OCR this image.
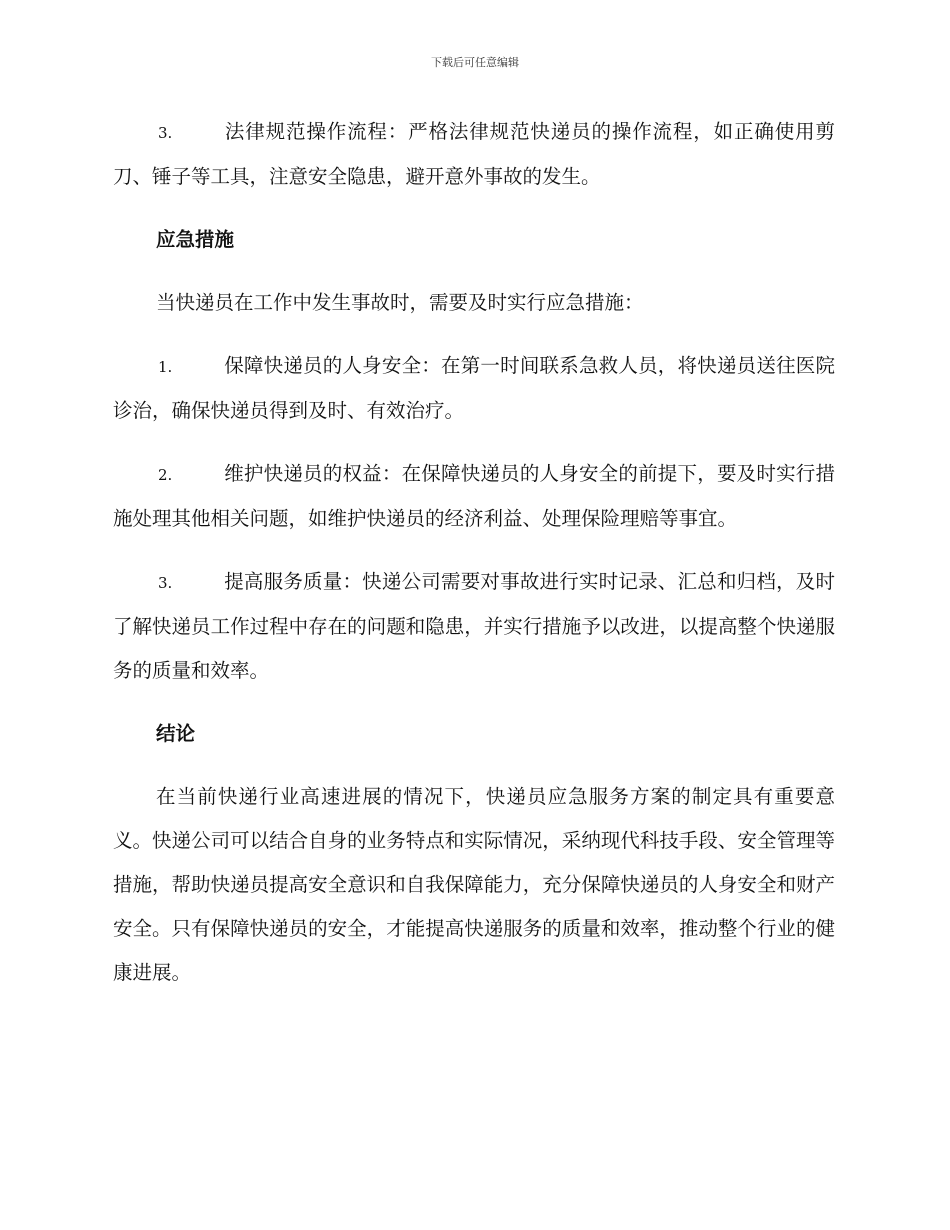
下载后可任意编辑

3.	法律规范操作流程：严格法律规范快递员的操作流程，如正确使用剪刀、锤子等工具，注意安全隐患，避开意外事故的发生。

应急措施

当快递员在工作中发生事故时，需要及时实行应急措施：

1.	保障快递员的人身安全：在第一时间联系急救人员，将快递员送往医院诊治，确保快递员得到及时、有效治疗。

2.	维护快递员的权益：在保障快递员的人身安全的前提下，要及时实行措施处理其他相关问题，如维护快递员的经济利益、处理保险理赔等事宜。

3.	提高服务质量：快递公司需要对事故进行实时记录、汇总和归档，及时了解快递员工作过程中存在的问题和隐患，并实行措施予以改进，以提高整个快递服务的质量和效率。

结论

在当前快递行业高速进展的情况下，快递员应急服务方案的制定具有重要意义。快递公司可以结合自身的业务特点和实际情况，采纳现代科技手段、安全管理等措施，帮助快递员提高安全意识和自我保障能力，充分保障快递员的人身安全和财产安全。只有保障快递员的安全，才能提高快递服务的质量和效率，推动整个行业的健康进展。
